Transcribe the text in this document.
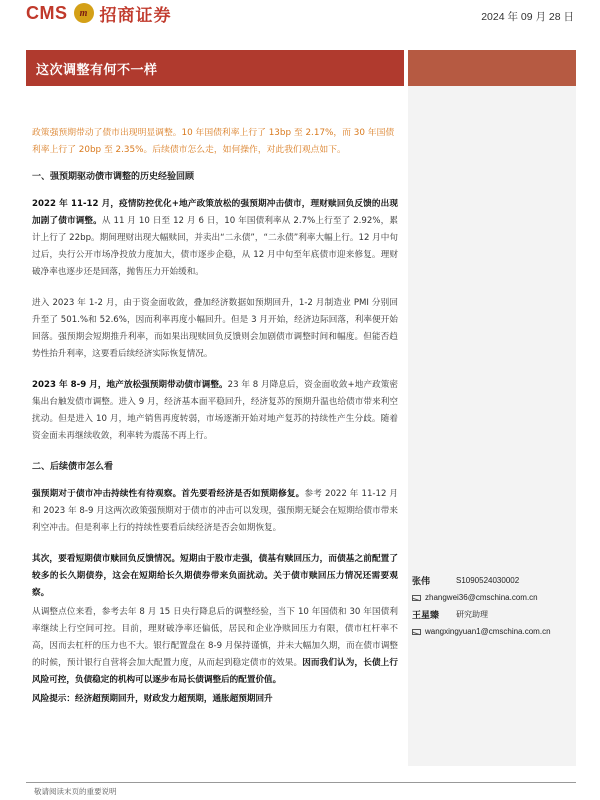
CMS	m 招商证券	2024 年 09 月 28 日
这次调整有何不一样

政策强预期带动了债市出现明显调整。10 年国债利率上行了 13bp 至 2.17%，而 30 年国债利率上行了 20bp 至 2.35%。后续债市怎么走，如何操作，对此我们观点如下。

一、强预期驱动债市调整的历史经验回顾

2022 年 11-12 月，疫情防控优化+地产政策放松的强预期冲击债市，理财赎回负反馈的出现加剧了债市调整。从 11 月 10 日至 12 月 6 日，10 年国债利率从 2.7%上行至了 2.92%，累计上行了 22bp。期间理财出现大幅赎回，并卖出“二永债”，“二永债”利率大幅上行。12 月中旬过后，央行公开市场净投放力度加大，债市逐步企稳，从 12 月中旬至年底债市迎来修复。理财破净率也逐步还是回落，抛售压力开始缓和。

进入 2023 年 1-2 月，由于资金面收敛，叠加经济数据如预期回升，1-2 月制造业 PMI 分别回升至了 501.%和 52.6%，因而利率再度小幅回升。但是 3 月开始，经济边际回落，利率便开始回落。强预期会短期推升利率，而如果出现赎回负反馈则会加剧债市调整时间和幅度。但能否趋势性抬升利率，这要看后续经济实际恢复情况。

2023 年 8-9 月，地产放松强预期带动债市调整。23 年 8 月降息后，资金面收敛+地产政策密集出台触发债市调整。进入 9 月，经济基本面平稳回升，经济复苏的预期升温也给债市带来利空扰动。但是进入 10 月，地产销售再度转弱，市场逐渐开始对地产复苏的持续性产生分歧。随着资金面未再继续收敛，利率转为震荡不再上行。

二、后续债市怎么看

强预期对于债市冲击持续性有待观察。首先要看经济是否如预期修复。参考 2022 年 11-12 月和 2023 年 8-9 月这两次政策强预期对于债市的冲击可以发现，强预期无疑会在短期给债市带来利空冲击。但是利率上行的持续性要看后续经济是否会如期恢复。

其次，要看短期债市赎回负反馈情况。短期由于股市走强，债基有赎回压力，而债基之前配置了较多的长久期债券，这会在短期给长久期债券带来负面扰动。关于债市赎回压力情况还需要观察。

从调整点位来看，参考去年 8 月 15 日央行降息后的调整经验，当下 10 年国债和 30 年国债利率继续上行空间可控。目前，理财破净率还偏低，居民和企业净赎回压力有限，债市杠杆率不高，因而去杠杆的压力也不大。银行配置盘在 8-9 月保持谨慎，并未大幅加久期，而在债市调整的时候，预计银行自营将会加大配置力度，从而起到稳定债市的效果。因而我们认为，长债上行风险可控，负债稳定的机构可以逐步布局长债调整后的配置价值。

风险提示：经济超预期回升，财政发力超预期，通胀超预期回升

张伟	S1090524030002
zhangwei36@cmschina.com.cn
王星臻	研究助理
wangxingyuan1@cmschina.com.cn
敬请阅读末页的重要说明
